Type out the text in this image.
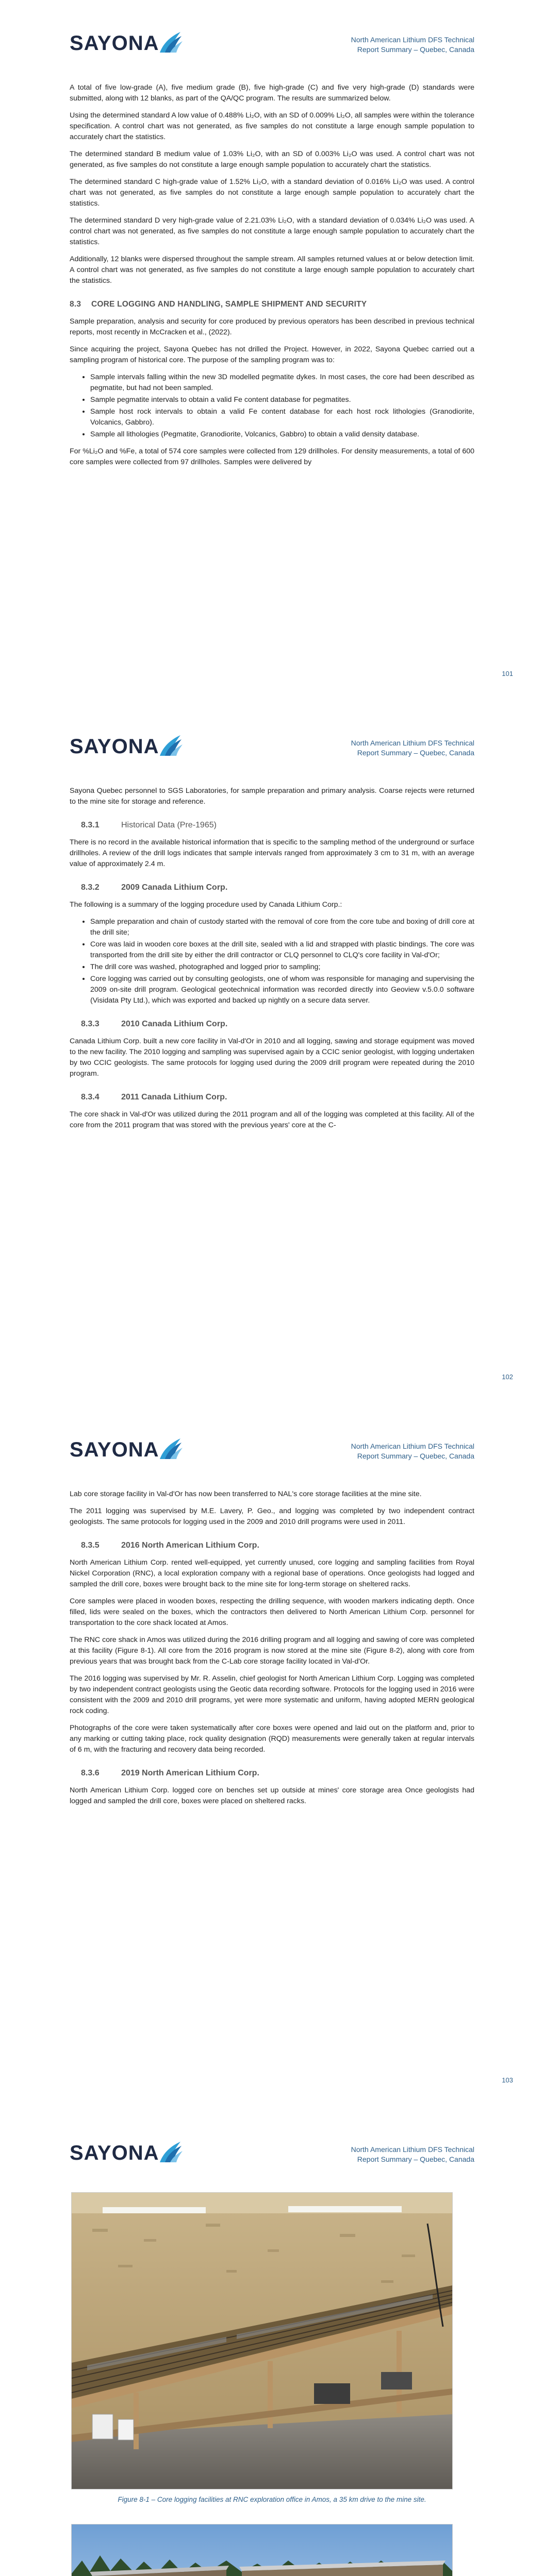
SAYONA	North American Lithium DFS Technical
Report Summary – Quebec, Canada

A total of five low-grade (A), five medium grade (B), five high-grade (C) and five very high-grade (D) standards were submitted, along with 12 blanks, as part of the QA/QC program. The results are summarized below.

Using the determined standard A low value of 0.488% Li₂O, with an SD of 0.009% Li₂O, all samples were within the tolerance specification. A control chart was not generated, as five samples do not constitute a large enough sample population to accurately chart the statistics.

The determined standard B medium value of 1.03% Li₂O, with an SD of 0.003% Li₂O was used. A control chart was not generated, as five samples do not constitute a large enough sample population to accurately chart the statistics.

The determined standard C high-grade value of 1.52% Li₂O, with a standard deviation of 0.016% Li₂O was used. A control chart was not generated, as five samples do not constitute a large enough sample population to accurately chart the statistics.

The determined standard D very high-grade value of 2.21.03% Li₂O, with a standard deviation of 0.034% Li₂O was used. A control chart was not generated, as five samples do not constitute a large enough sample population to accurately chart the statistics.

Additionally, 12 blanks were dispersed throughout the sample stream. All samples returned values at or below detection limit. A control chart was not generated, as five samples do not constitute a large enough sample population to accurately chart the statistics.

8.3	CORE LOGGING AND HANDLING, SAMPLE SHIPMENT AND SECURITY

Sample preparation, analysis and security for core produced by previous operators has been described in previous technical reports, most recently in McCracken et al., (2022).

Since acquiring the project, Sayona Quebec has not drilled the Project. However, in 2022, Sayona Quebec carried out a sampling program of historical core. The purpose of the sampling program was to:

• Sample intervals falling within the new 3D modelled pegmatite dykes. In most cases, the core had been described as pegmatite, but had not been sampled.
• Sample pegmatite intervals to obtain a valid Fe content database for pegmatites.
• Sample host rock intervals to obtain a valid Fe content database for each host rock lithologies (Granodiorite, Volcanics, Gabbro).
• Sample all lithologies (Pegmatite, Granodiorite, Volcanics, Gabbro) to obtain a valid density database.

For %Li₂O and %Fe, a total of 574 core samples were collected from 129 drillholes. For density measurements, a total of 600 core samples were collected from 97 drillholes. Samples were delivered by

101
SAYONA	North American Lithium DFS Technical
Report Summary – Quebec, Canada

Sayona Quebec personnel to SGS Laboratories, for sample preparation and primary analysis. Coarse rejects were returned to the mine site for storage and reference.

8.3.1	Historical Data (Pre-1965)

There is no record in the available historical information that is specific to the sampling method of the underground or surface drillholes. A review of the drill logs indicates that sample intervals ranged from approximately 3 cm to 31 m, with an average value of approximately 2.4 m.

8.3.2	2009 Canada Lithium Corp.

The following is a summary of the logging procedure used by Canada Lithium Corp.:

• Sample preparation and chain of custody started with the removal of core from the core tube and boxing of drill core at the drill site;
• Core was laid in wooden core boxes at the drill site, sealed with a lid and strapped with plastic bindings. The core was transported from the drill site by either the drill contractor or CLQ personnel to CLQ's core facility in Val-d'Or;
• The drill core was washed, photographed and logged prior to sampling;
• Core logging was carried out by consulting geologists, one of whom was responsible for managing and supervising the 2009 on-site drill program. Geological geotechnical information was recorded directly into Geoview v.5.0.0 software (Visidata Pty Ltd.), which was exported and backed up nightly on a secure data server.
8.3.3	2010 Canada Lithium Corp.

Canada Lithium Corp. built a new core facility in Val-d'Or in 2010 and all logging, sawing and storage equipment was moved to the new facility. The 2010 logging and sampling was supervised again by a CCIC senior geologist, with logging undertaken by two CCIC geologists. The same protocols for logging used during the 2009 drill program were repeated during the 2010 program.

8.3.4	2011 Canada Lithium Corp.

The core shack in Val-d'Or was utilized during the 2011 program and all of the logging was completed at this facility. All of the core from the 2011 program that was stored with the previous years' core at the C-

102
SAYONA	North American Lithium DFS Technical
Report Summary – Quebec, Canada

Lab core storage facility in Val-d'Or has now been transferred to NAL's core storage facilities at the mine site.

The 2011 logging was supervised by M.E. Lavery, P. Geo., and logging was completed by two independent contract geologists. The same protocols for logging used in the 2009 and 2010 drill programs were used in 2011.

8.3.5	2016 North American Lithium Corp.

North American Lithium Corp. rented well-equipped, yet currently unused, core logging and sampling facilities from Royal Nickel Corporation (RNC), a local exploration company with a regional base of operations. Once geologists had logged and sampled the drill core, boxes were brought back to the mine site for long-term storage on sheltered racks.

Core samples were placed in wooden boxes, respecting the drilling sequence, with wooden markers indicating depth. Once filled, lids were sealed on the boxes, which the contractors then delivered to North American Lithium Corp. personnel for transportation to the core shack located at Amos.

The RNC core shack in Amos was utilized during the 2016 drilling program and all logging and sawing of core was completed at this facility (Figure 8-1). All core from the 2016 program is now stored at the mine site (Figure 8-2), along with core from previous years that was brought back from the C-Lab core storage facility located in Val-d'Or.

The 2016 logging was supervised by Mr. R. Asselin, chief geologist for North American Lithium Corp. Logging was completed by two independent contract geologists using the Geotic data recording software. Protocols for the logging used in 2016 were consistent with the 2009 and 2010 drill programs, yet were more systematic and uniform, having adopted MERN geological rock coding.

Photographs of the core were taken systematically after core boxes were opened and laid out on the platform and, prior to any marking or cutting taking place, rock quality designation (RQD) measurements were generally taken at regular intervals of 6 m, with the fracturing and recovery data being recorded.

8.3.6	2019 North American Lithium Corp.

North American Lithium Corp. logged core on benches set up outside at mines' core storage area Once geologists had logged and sampled the drill core, boxes were placed on sheltered racks.

103
SAYONA	North American Lithium DFS Technical
Report Summary – Quebec, Canada
Figure 8-1 – Core logging facilities at RNC exploration office in Amos, a 35 km drive to the mine site.
